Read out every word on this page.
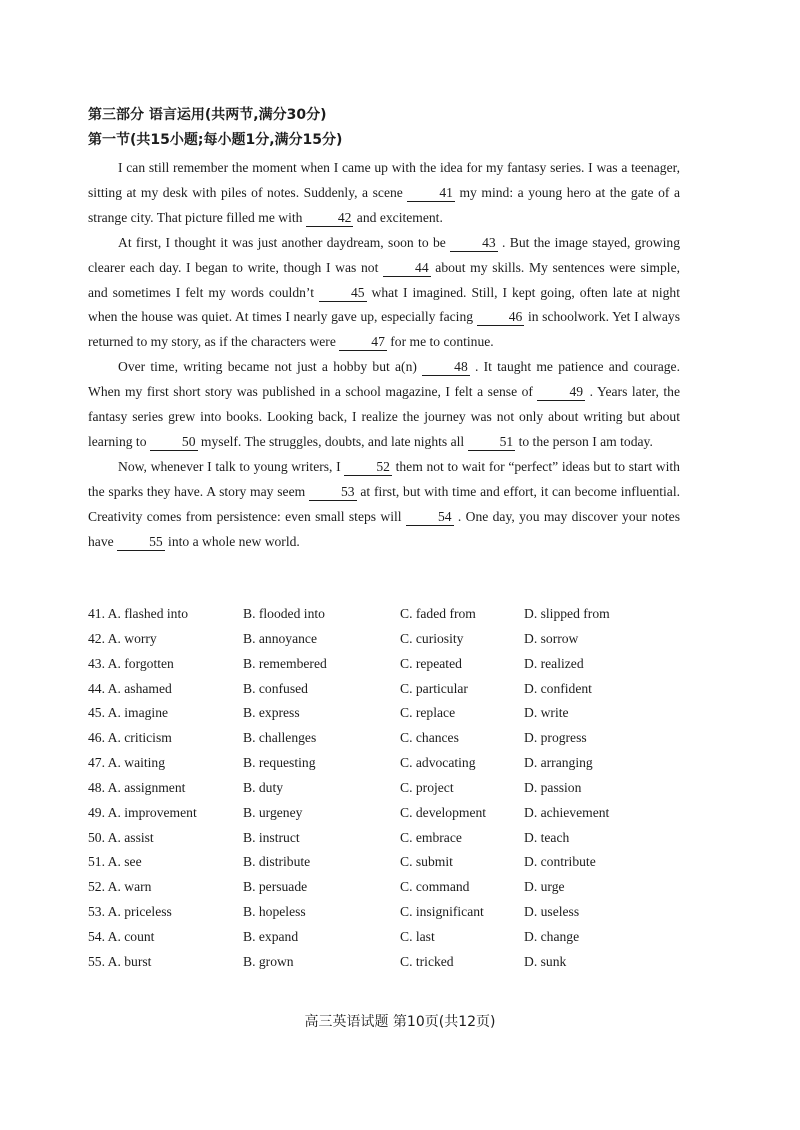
第三部分 语言运用(共两节,满分30分)
第一节(共15小题;每小题1分,满分15分)

I can still remember the moment when I came up with the idea for my fantasy series. I was a teenager, sitting at my desk with piles of notes. Suddenly, a scene 41 my mind: a young hero at the gate of a strange city. That picture filled me with 42 and excitement.

At first, I thought it was just another daydream, soon to be 43 . But the image stayed, growing clearer each day. I began to write, though I was not 44 about my skills. My sentences were simple, and sometimes I felt my words couldn’t 45 what I imagined. Still, I kept going, often late at night when the house was quiet. At times I nearly gave up, especially facing 46 in schoolwork. Yet I always returned to my story, as if the characters were 47 for me to continue.

Over time, writing became not just a hobby but a(n) 48 . It taught me patience and courage. When my first short story was published in a school magazine, I felt a sense of 49 . Years later, the fantasy series grew into books. Looking back, I realize the journey was not only about writing but about learning to 50 myself. The struggles, doubts, and late nights all 51 to the person I am today.

Now, whenever I talk to young writers, I 52 them not to wait for “perfect” ideas but to start with the sparks they have. A story may seem 53 at first, but with time and effort, it can become influential. Creativity comes from persistence: even small steps will 54 . One day, you may discover your notes have 55 into a whole new world.

41. A. flashed into	B. flooded into	C. faded from	D. slipped from
42. A. worry	B. annoyance	C. curiosity	D. sorrow
43. A. forgotten	B. remembered	C. repeated	D. realized
44. A. ashamed	B. confused	C. particular	D. confident
45. A. imagine	B. express	C. replace	D. write
46. A. criticism	B. challenges	C. chances	D. progress
47. A. waiting	B. requesting	C. advocating	D. arranging
48. A. assignment	B. duty	C. project	D. passion
49. A. improvement	B. urgeney	C. development	D. achievement
50. A. assist	B. instruct	C. embrace	D. teach
51. A. see	B. distribute	C. submit	D. contribute
52. A. warn	B. persuade	C. command	D. urge
53. A. priceless	B. hopeless	C. insignificant	D. useless
54. A. count	B. expand	C. last	D. change
55. A. burst	B. grown	C. tricked	D. sunk
高三英语试题 第10页(共12页)
